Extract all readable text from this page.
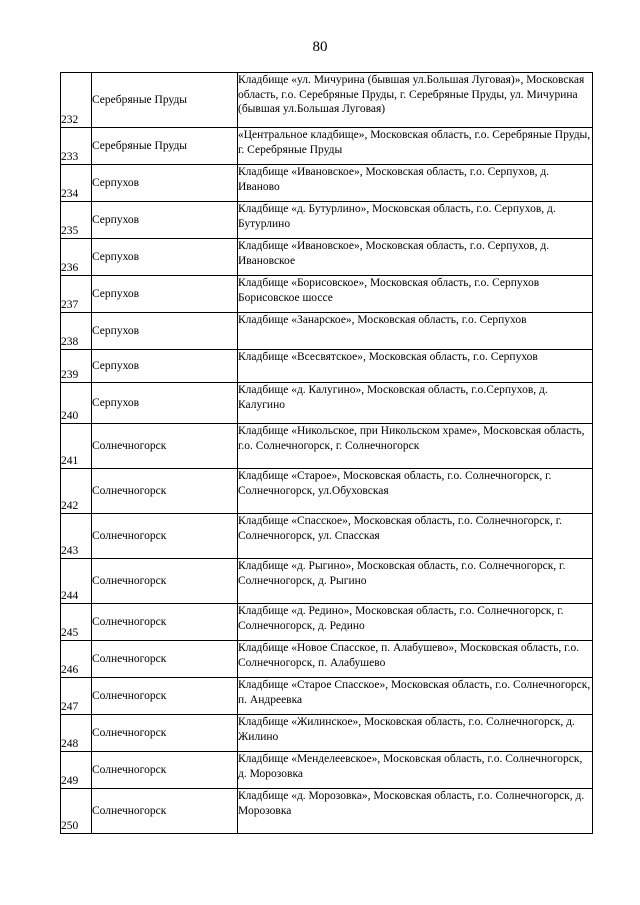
80
232	Серебряные Пруды	Кладбище «ул. Мичурина (бывшая ул.Большая Луговая)», Московская область, г.о. Серебряные Пруды, г. Серебряные Пруды, ул. Мичурина (бывшая ул.Большая Луговая)
233	Серебряные Пруды	«Центральное кладбище», Московская область, г.о. Серебряные Пруды, г. Серебряные Пруды
234	Серпухов	Кладбище «Ивановское», Московская область, г.о. Серпухов, д. Иваново
235	Серпухов	Кладбище «д. Бутурлино», Московская область, г.о. Серпухов, д. Бутурлино
236	Серпухов	Кладбище «Ивановское», Московская область, г.о. Серпухов, д. Ивановское
237	Серпухов	Кладбище «Борисовское», Московская область, г.о. Серпухов Борисовское шоссе
238	Серпухов	Кладбище «Занарское», Московская область, г.о. Серпухов
239	Серпухов	Кладбище «Всесвятское», Московская область, г.о. Серпухов
240	Серпухов	Кладбище «д. Калугино», Московская область, г.о.Серпухов, д. Калугино
241	Солнечногорск	Кладбище «Никольское, при Никольском храме», Московская область, г.о. Солнечногорск, г. Солнечногорск
242	Солнечногорск	Кладбище «Старое», Московская область, г.о. Солнечногорск, г. Солнечногорск, ул.Обуховская
243	Солнечногорск	Кладбище «Спасское», Московская область, г.о. Солнечногорск, г. Солнечногорск, ул. Спасская
244	Солнечногорск	Кладбище «д. Рыгино», Московская область, г.о. Солнечногорск, г. Солнечногорск, д. Рыгино
245	Солнечногорск	Кладбище «д. Редино», Московская область, г.о. Солнечногорск, г. Солнечногорск, д. Редино
246	Солнечногорск	Кладбище «Новое Спасское, п. Алабушево», Московская область, г.о. Солнечногорск, п. Алабушево
247	Солнечногорск	Кладбище «Старое Спасское», Московская область, г.о. Солнечногорск, п. Андреевка
248	Солнечногорск	Кладбище «Жилинское», Московская область, г.о. Солнечногорск, д. Жилино
249	Солнечногорск	Кладбище «Менделеевское», Московская область, г.о. Солнечногорск, д. Морозовка
250	Солнечногорск	Кладбище «д. Морозовка», Московская область, г.о. Солнечногорск, д. Морозовка
